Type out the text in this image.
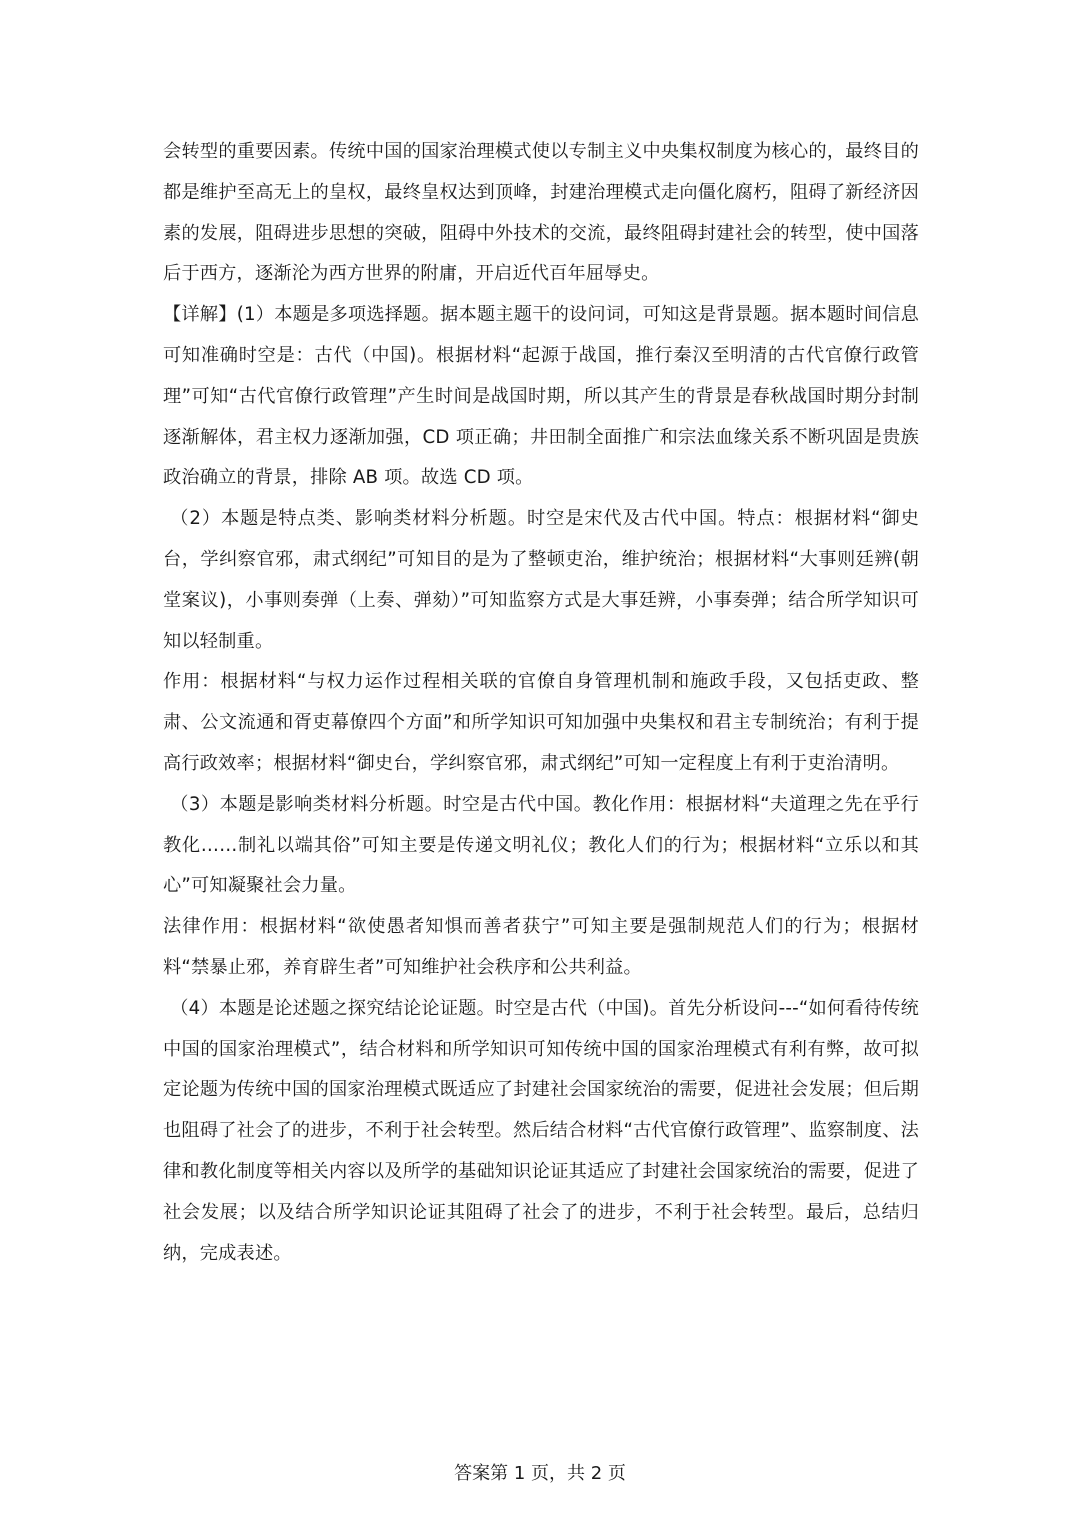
会转型的重要因素。传统中国的国家治理模式使以专制主义中央集权制度为核心的，最终目的都是维护至高无上的皇权，最终皇权达到顶峰，封建治理模式走向僵化腐朽，阻碍了新经济因素的发展，阻碍进步思想的突破，阻碍中外技术的交流，最终阻碍封建社会的转型，使中国落后于西方，逐渐沦为西方世界的附庸，开启近代百年屈辱史。

【详解】(1）本题是多项选择题。据本题主题干的设问词，可知这是背景题。据本题时间信息可知准确时空是：古代（中国)。根据材料“起源于战国，推行秦汉至明清的古代官僚行政管理”可知“古代官僚行政管理”产生时间是战国时期，所以其产生的背景是春秋战国时期分封制逐渐解体，君主权力逐渐加强，CD 项正确；井田制全面推广和宗法血缘关系不断巩固是贵族政治确立的背景，排除 AB 项。故选 CD 项。

（2）本题是特点类、影响类材料分析题。时空是宋代及古代中国。特点：根据材料“御史台，学纠察官邪，肃式纲纪”可知目的是为了整顿吏治，维护统治；根据材料“大事则廷辨(朝堂案议)，小事则奏弹（上奏、弹劾）”可知监察方式是大事廷辨，小事奏弹；结合所学知识可知以轻制重。

作用：根据材料“与权力运作过程相关联的官僚自身管理机制和施政手段，又包括吏政、整肃、公文流通和胥吏幕僚四个方面”和所学知识可知加强中央集权和君主专制统治；有利于提高行政效率；根据材料“御史台，学纠察官邪，肃式纲纪”可知一定程度上有利于吏治清明。

（3）本题是影响类材料分析题。时空是古代中国。教化作用：根据材料“夫道理之先在乎行教化……制礼以端其俗”可知主要是传递文明礼仪；教化人们的行为；根据材料“立乐以和其心”可知凝聚社会力量。

法律作用：根据材料“欲使愚者知惧而善者获宁”可知主要是强制规范人们的行为；根据材料“禁暴止邪，养育辟生者”可知维护社会秩序和公共利益。

（4）本题是论述题之探究结论论证题。时空是古代（中国)。首先分析设问---“如何看待传统中国的国家治理模式”，结合材料和所学知识可知传统中国的国家治理模式有利有弊，故可拟定论题为传统中国的国家治理模式既适应了封建社会国家统治的需要，促进社会发展；但后期也阻碍了社会了的进步，不利于社会转型。然后结合材料“古代官僚行政管理”、监察制度、法律和教化制度等相关内容以及所学的基础知识论证其适应了封建社会国家统治的需要，促进了社会发展；以及结合所学知识论证其阻碍了社会了的进步，不利于社会转型。最后，总结归纳，完成表述。

答案第 1 页，共 2 页
